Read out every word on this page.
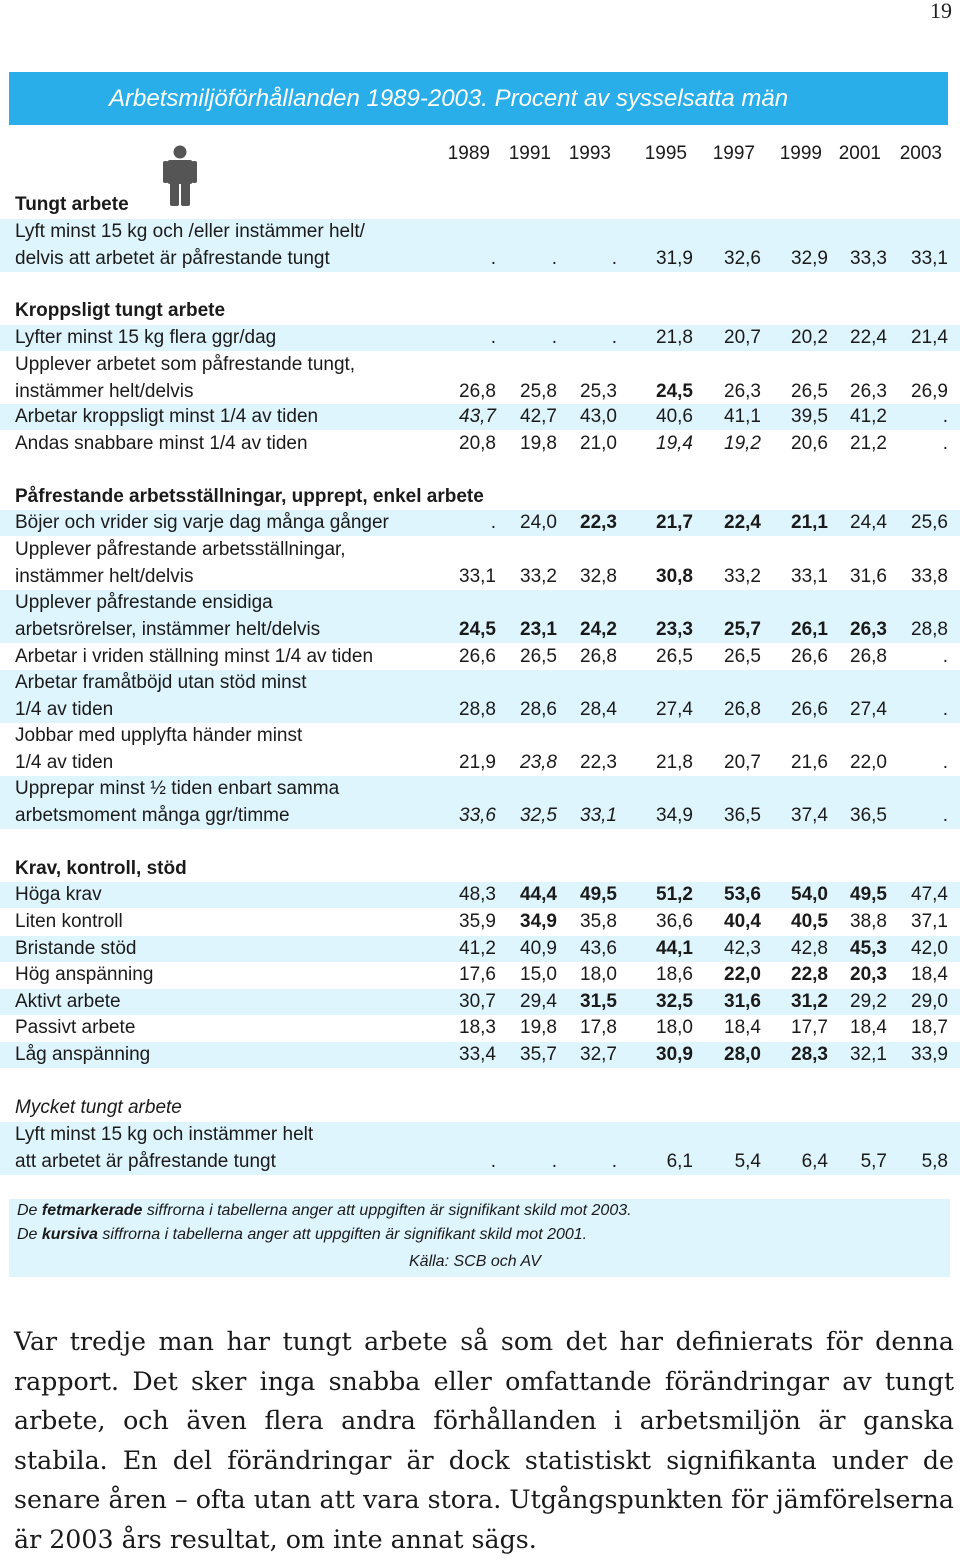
19
Arbetsmiljöförhållanden 1989-2003. Procent av sysselsatta män
1989 1991 1993 1995 1997 1999 2001 2003
Tungt arbete
Lyft minst 15 kg och /eller instämmer helt/
delvis att arbetet är påfrestande tungt	.	.	. 31,9 32,6 32,9 33,3 33,1
Kroppsligt tungt arbete
Lyfter minst 15 kg flera ggr/dag	.	.	. 21,8 20,7 20,2 22,4 21,4
Upplever arbetet som påfrestande tungt,
instämmer helt/delvis	26,8 25,8 25,3 24,5 26,3 26,5 26,3 26,9
Arbetar kroppsligt minst 1/4 av tiden	43,7 42,7 43,0 40,6 41,1 39,5 41,2	.
Andas snabbare minst 1/4 av tiden	20,8 19,8 21,0 19,4 19,2 20,6 21,2	.
Påfrestande arbetsställningar, upprept, enkel arbete
Böjer och vrider sig varje dag många gånger	. 24,0 22,3 21,7 22,4 21,1 24,4 25,6
Upplever påfrestande arbetsställningar,
instämmer helt/delvis	33,1 33,2 32,8 30,8 33,2 33,1 31,6 33,8
Upplever påfrestande ensidiga
arbetsrörelser, instämmer helt/delvis	24,5 23,1 24,2 23,3 25,7 26,1 26,3 28,8
Arbetar i vriden ställning minst 1/4 av tiden	26,6 26,5 26,8 26,5 26,5 26,6 26,8	.
Arbetar framåtböjd utan stöd minst
1/4 av tiden	28,8 28,6 28,4 27,4 26,8 26,6 27,4	.
Jobbar med upplyfta händer minst
1/4 av tiden	21,9 23,8 22,3 21,8 20,7 21,6 22,0	.
Upprepar minst ½ tiden enbart samma
arbetsmoment många ggr/timme	33,6 32,5 33,1 34,9 36,5 37,4 36,5	.
Krav, kontroll, stöd
Höga krav	48,3 44,4 49,5 51,2 53,6 54,0 49,5 47,4
Liten kontroll	35,9 34,9 35,8 36,6 40,4 40,5 38,8 37,1
Bristande stöd	41,2 40,9 43,6 44,1 42,3 42,8 45,3 42,0
Hög anspänning	17,6 15,0 18,0 18,6 22,0 22,8 20,3 18,4
Aktivt arbete	30,7 29,4 31,5 32,5 31,6 31,2 29,2 29,0
Passivt arbete	18,3 19,8 17,8 18,0 18,4 17,7 18,4 18,7
Låg anspänning	33,4 35,7 32,7 30,9 28,0 28,3 32,1 33,9
Mycket tungt arbete
Lyft minst 15 kg och instämmer helt
att arbetet är påfrestande tungt	.	.	.	6,1 5,4 6,4 5,7 5,8
De fetmarkerade siffrorna i tabellerna anger att uppgiften är signifikant skild mot 2003.
De kursiva siffrorna i tabellerna anger att uppgiften är signifikant skild mot 2001.
Källa: SCB och AV
Var tredje man har tungt arbete så som det har definierats för denna rapport. Det sker inga snabba eller omfattande förändringar av tungt arbete, och även flera andra förhållanden i arbetsmiljön är ganska stabila. En del förändringar är dock statistiskt signifikanta under de senare åren – ofta utan att vara stora. Utgångspunkten för jämförelserna är 2003 års resultat, om inte annat sägs.
